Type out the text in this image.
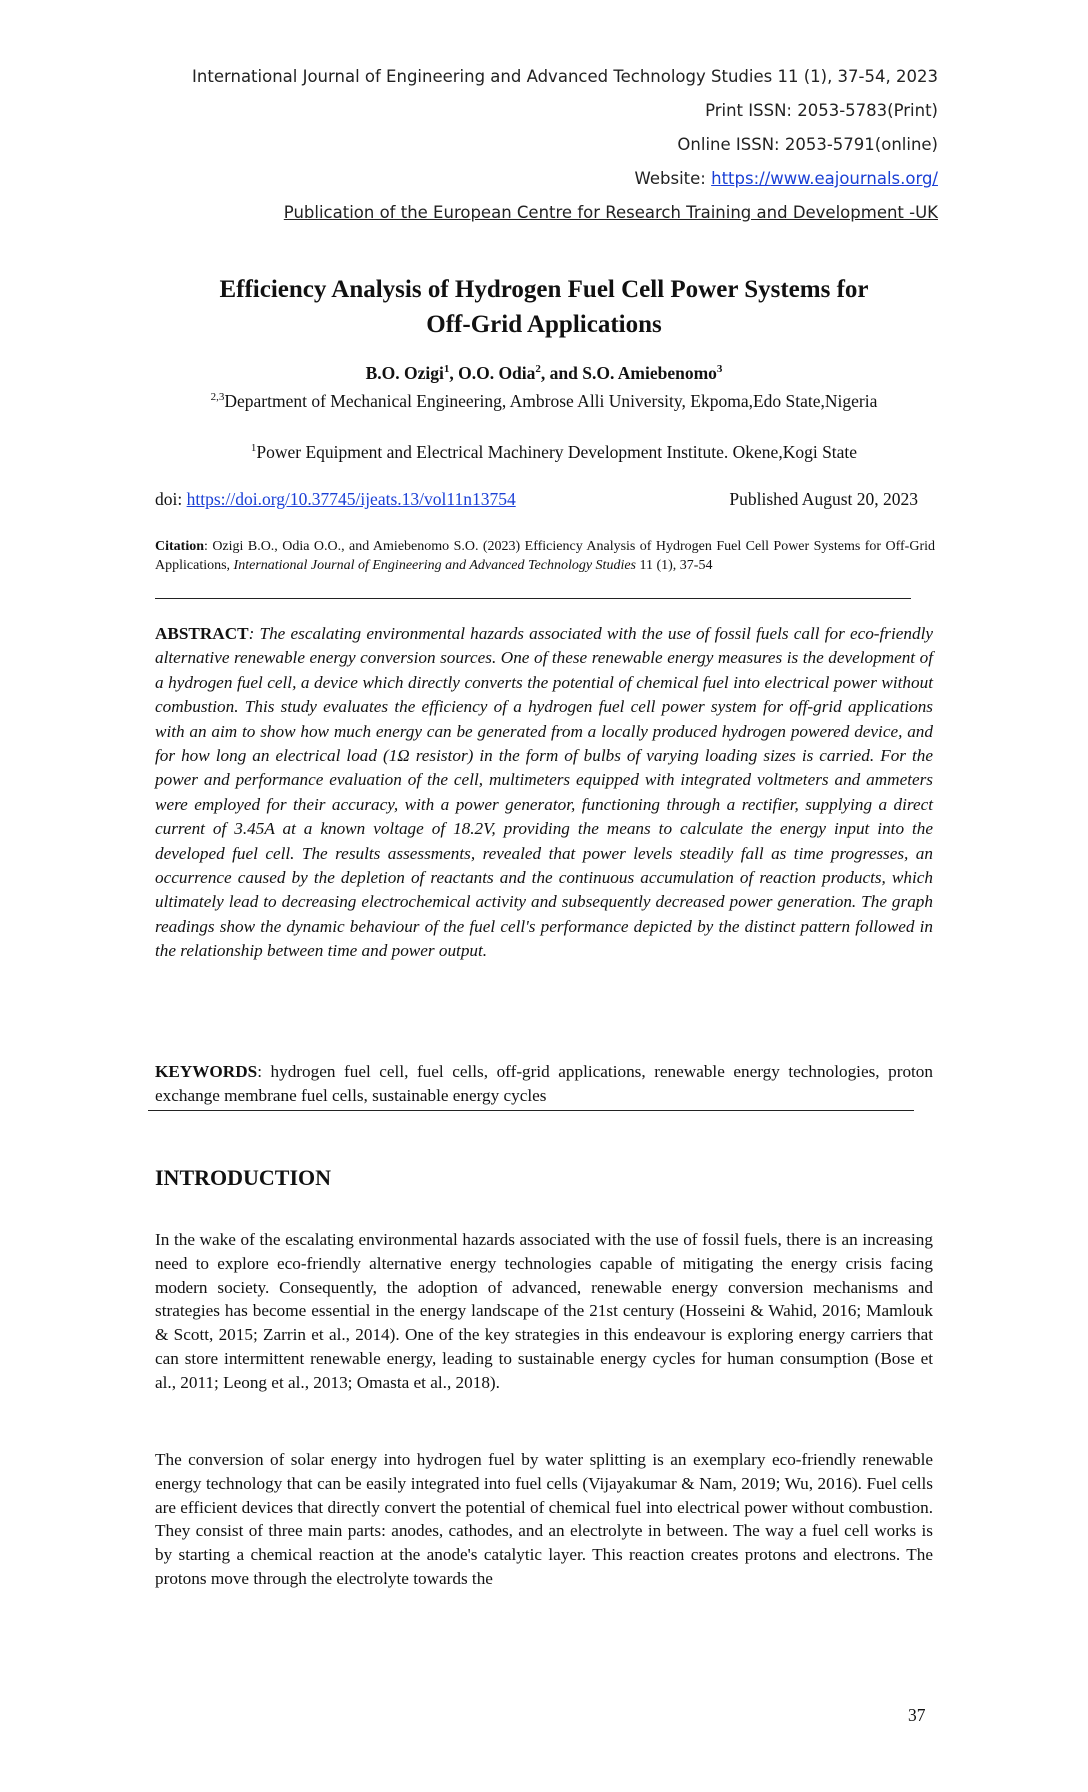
International Journal of Engineering and Advanced Technology Studies 11 (1), 37-54, 2023
Print ISSN: 2053-5783(Print)
Online ISSN: 2053-5791(online)
Website: https://www.eajournals.org/
Publication of the European Centre for Research Training and Development -UK
Efficiency Analysis of Hydrogen Fuel Cell Power Systems for
Off-Grid Applications
B.O. Ozigi$^1$, O.O. Odia$^2$, and S.O. Amiebenomo$^3$
$^{2,3}$Department of Mechanical Engineering, Ambrose Alli University, Ekpoma,Edo State,Nigeria
$^1$Power Equipment and Electrical Machinery Development Institute. Okene,Kogi State
doi: https://doi.org/10.37745/ijeats.13/vol11n13754	Published August 20, 2023
Citation: Ozigi B.O., Odia O.O., and Amiebenomo S.O. (2023) Efficiency Analysis of Hydrogen Fuel Cell Power Systems for Off-Grid Applications, International Journal of Engineering and Advanced Technology Studies 11 (1), 37-54
ABSTRACT: The escalating environmental hazards associated with the use of fossil fuels call for eco-friendly alternative renewable energy conversion sources. One of these renewable energy measures is the development of a hydrogen fuel cell, a device which directly converts the potential of chemical fuel into electrical power without combustion. This study evaluates the efficiency of a hydrogen fuel cell power system for off-grid applications with an aim to show how much energy can be generated from a locally produced hydrogen powered device, and for how long an electrical load (1Ω resistor) in the form of bulbs of varying loading sizes is carried. For the power and performance evaluation of the cell, multimeters equipped with integrated voltmeters and ammeters were employed for their accuracy, with a power generator, functioning through a rectifier, supplying a direct current of 3.45A at a known voltage of 18.2V, providing the means to calculate the energy input into the developed fuel cell. The results assessments, revealed that power levels steadily fall as time progresses, an occurrence caused by the depletion of reactants and the continuous accumulation of reaction products, which ultimately lead to decreasing electrochemical activity and subsequently decreased power generation. The graph readings show the dynamic behaviour of the fuel cell's performance depicted by the distinct pattern followed in the relationship between time and power output.
KEYWORDS: hydrogen fuel cell, fuel cells, off-grid applications, renewable energy technologies, proton exchange membrane fuel cells, sustainable energy cycles
INTRODUCTION
In the wake of the escalating environmental hazards associated with the use of fossil fuels, there is an increasing need to explore eco-friendly alternative energy technologies capable of mitigating the energy crisis facing modern society. Consequently, the adoption of advanced, renewable energy conversion mechanisms and strategies has become essential in the energy landscape of the 21st century (Hosseini & Wahid, 2016; Mamlouk & Scott, 2015; Zarrin et al., 2014). One of the key strategies in this endeavour is exploring energy carriers that can store intermittent renewable energy, leading to sustainable energy cycles for human consumption (Bose et al., 2011; Leong et al., 2013; Omasta et al., 2018).
The conversion of solar energy into hydrogen fuel by water splitting is an exemplary eco-friendly renewable energy technology that can be easily integrated into fuel cells (Vijayakumar & Nam, 2019; Wu, 2016). Fuel cells are efficient devices that directly convert the potential of chemical fuel into electrical power without combustion. They consist of three main parts: anodes, cathodes, and an electrolyte in between. The way a fuel cell works is by starting a chemical reaction at the anode's catalytic layer. This reaction creates protons and electrons. The protons move through the electrolyte towards the
37
